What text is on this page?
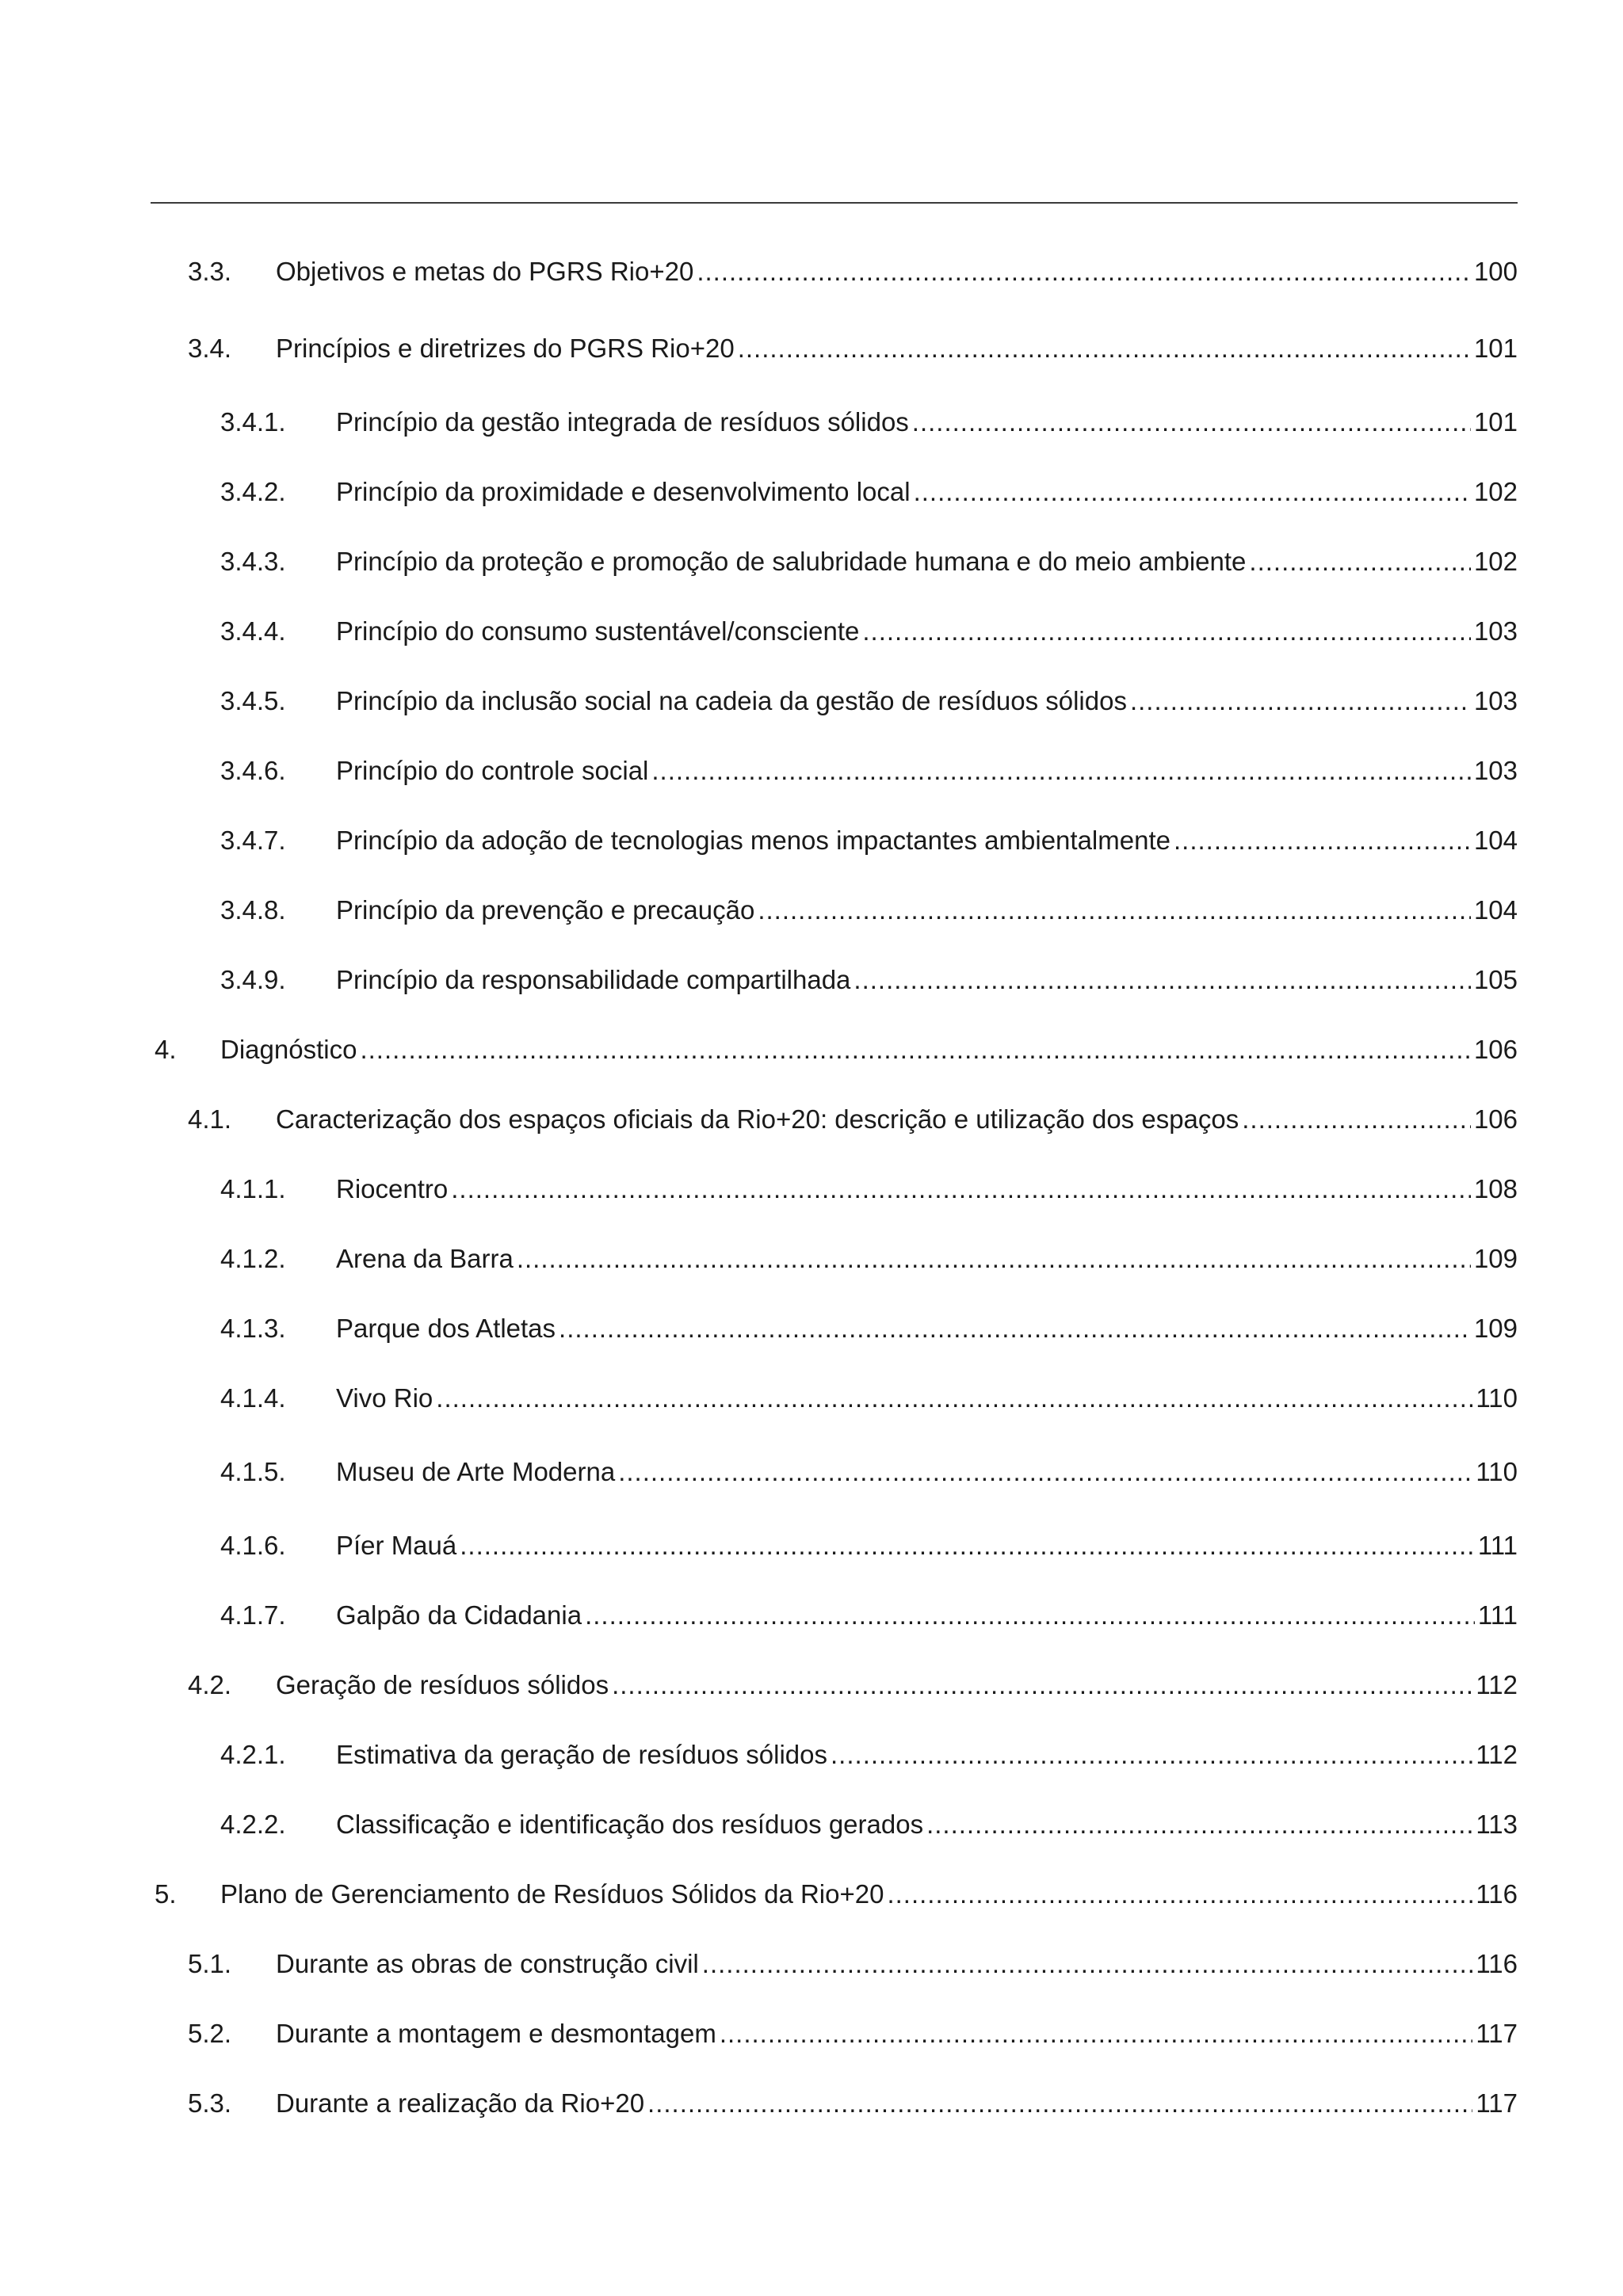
3.3.	Objetivos e metas do PGRS Rio+20 .....	100
3.4.	Princípios e diretrizes do PGRS Rio+20 .....	101
3.4.1.	Princípio da gestão integrada de resíduos sólidos .....	101
3.4.2.	Princípio da proximidade e desenvolvimento local .....	102
3.4.3.	Princípio da proteção e promoção de salubridade humana e do meio ambiente .....	102
3.4.4.	Princípio do consumo sustentável/consciente .....	103
3.4.5.	Princípio da inclusão social na cadeia da gestão de resíduos sólidos .....	103
3.4.6.	Princípio do controle social .....	103
3.4.7.	Princípio da adoção de tecnologias menos impactantes ambientalmente .....	104
3.4.8.	Princípio da prevenção e precaução .....	104
3.4.9.	Princípio da responsabilidade compartilhada .....	105
4.	Diagnóstico .....	106
4.1.	Caracterização dos espaços oficiais da Rio+20: descrição e utilização dos espaços .....	106
4.1.1.	Riocentro .....	108
4.1.2.	Arena da Barra .....	109
4.1.3.	Parque dos Atletas .....	109
4.1.4.	Vivo Rio .....	110
4.1.5.	Museu de Arte Moderna .....	110
4.1.6.	Píer Mauá .....	111
4.1.7.	Galpão da Cidadania .....	111
4.2.	Geração de resíduos sólidos .....	112
4.2.1.	Estimativa da geração de resíduos sólidos .....	112
4.2.2.	Classificação e identificação dos resíduos gerados .....	113
5.	Plano de Gerenciamento de Resíduos Sólidos da Rio+20 .....	116
5.1.	Durante as obras de construção civil .....	116
5.2.	Durante a montagem e desmontagem .....	117
5.3.	Durante a realização da Rio+20 .....	117
